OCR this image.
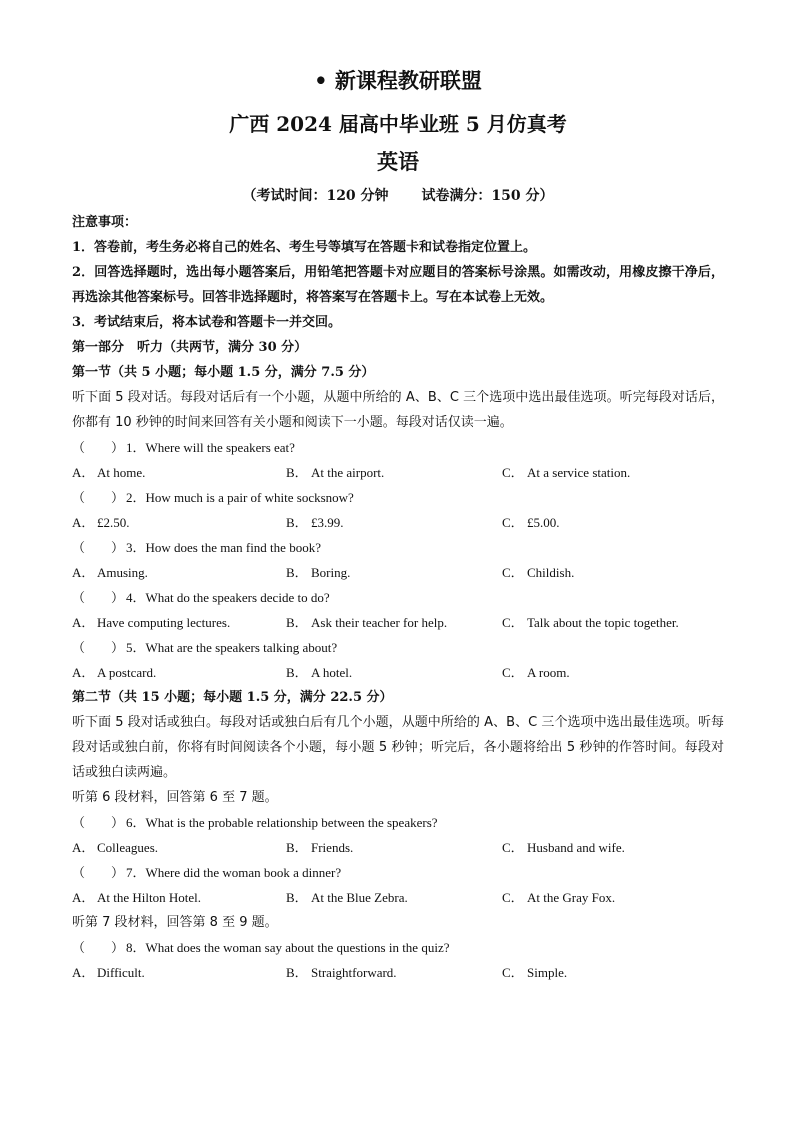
• 新课程教研联盟
广西 2024 届高中毕业班 5 月仿真考
英语
（考试时间：120 分钟 试卷满分：150 分）
注意事项：
1．答卷前，考生务必将自己的姓名、考生号等填写在答题卡和试卷指定位置上。
2．回答选择题时，选出每小题答案后，用铅笔把答题卡对应题目的答案标号涂黑。如需改动，用橡皮擦干净后，再选涂其他答案标号。回答非选择题时，将答案写在答题卡上。写在本试卷上无效。
3．考试结束后，将本试卷和答题卡一并交回。
第一部分　听力（共两节，满分 30 分）
第一节（共 5 小题；每小题 1.5 分，满分 7.5 分）
听下面 5 段对话。每段对话后有一个小题，从题中所给的 A、B、C 三个选项中选出最佳选项。听完每段对话后，你都有 10 秒钟的时间来回答有关小题和阅读下一小题。每段对话仅读一遍。
（　　） 1．Where will the speakers eat?
A． At home.	B． At the airport.	C． At a service station.
（　　） 2．How much is a pair of white socksnow?
A． £2.50.	B． £3.99.	C． £5.00.
（　　） 3．How does the man find the book?
A． Amusing.	B． Boring.	C． Childish.
（　　） 4．What do the speakers decide to do?
A． Have computing lectures.	B． Ask their teacher for help.	C． Talk about the topic together.
（　　） 5．What are the speakers talking about?
A． A postcard.	B． A hotel.	C． A room.
第二节（共 15 小题；每小题 1.5 分，满分 22.5 分）
听下面 5 段对话或独白。每段对话或独白后有几个小题，从题中所给的 A、B、C 三个选项中选出最佳选项。听每段对话或独白前，你将有时间阅读各个小题，每小题 5 秒钟；听完后，各小题将给出 5 秒钟的作答时间。每段对话或独白读两遍。
听第 6 段材料，回答第 6 至 7 题。
（　　） 6．What is the probable relationship between the speakers?
A． Colleagues.	B． Friends.	C． Husband and wife.
（　　） 7．Where did the woman book a dinner?
A． At the Hilton Hotel.	B． At the Blue Zebra.	C． At the Gray Fox.
听第 7 段材料，回答第 8 至 9 题。
（　　） 8．What does the woman say about the questions in the quiz?
A． Difficult.	B． Straightforward.	C． Simple.
